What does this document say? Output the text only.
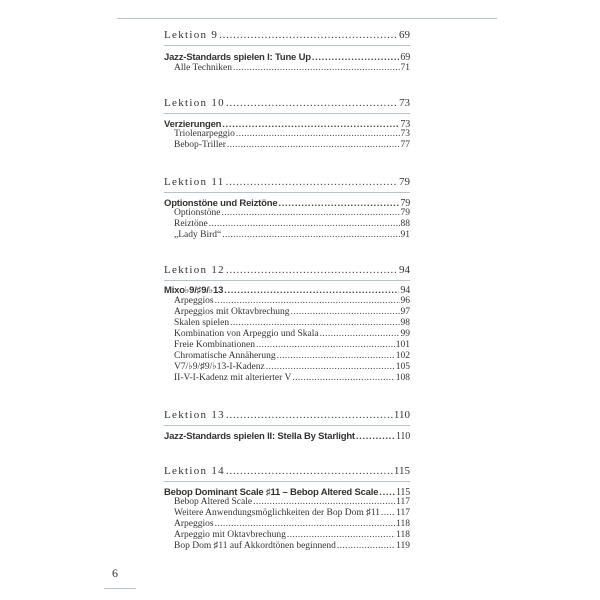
Lektion 9 . . .	69
Jazz-Standards spielen I: Tune Up . . .	69
Alle Techniken . . .	71
Lektion 10 . . .	73
Verzierungen . . .	73
Triolenarpeggio . . .	73
Bebop-Triller . . .	77
Lektion 11 . . .	79
Optionstöne und Reiztöne . . .	79
Optionstöne . . .	79
Reiztöne . . .	88
„Lady Bird“ . . .	91
Lektion 12 . . .	94
Mixo♭9/♯9/♭13 . . .	94
Arpeggios . . .	96
Arpeggios mit Oktavbrechung . . .	97
Skalen spielen . . .	98
Kombination von Arpeggio und Skala . . .	99
Freie Kombinationen . . .	101
Chromatische Annäherung . . .	102
V7/♭9/♯9/♭13-I-Kadenz . . .	105
II-V-I-Kadenz mit alterierter V . . .	108
Lektion 13 . . .	110
Jazz-Standards spielen II: Stella By Starlight . . .	110
Lektion 14 . . .	115
Bebop Dominant Scale ♯11 – Bebop Altered Scale . . . 115
Bebop Altered Scale . . .	117
Weitere Anwendungsmöglichkeiten der Bop Dom ♯11 . . . 117
Arpeggios . . .	118
Arpeggio mit Oktavbrechung . . .	118
Bop Dom ♯11 auf Akkordtönen beginnend . . .	119
6
